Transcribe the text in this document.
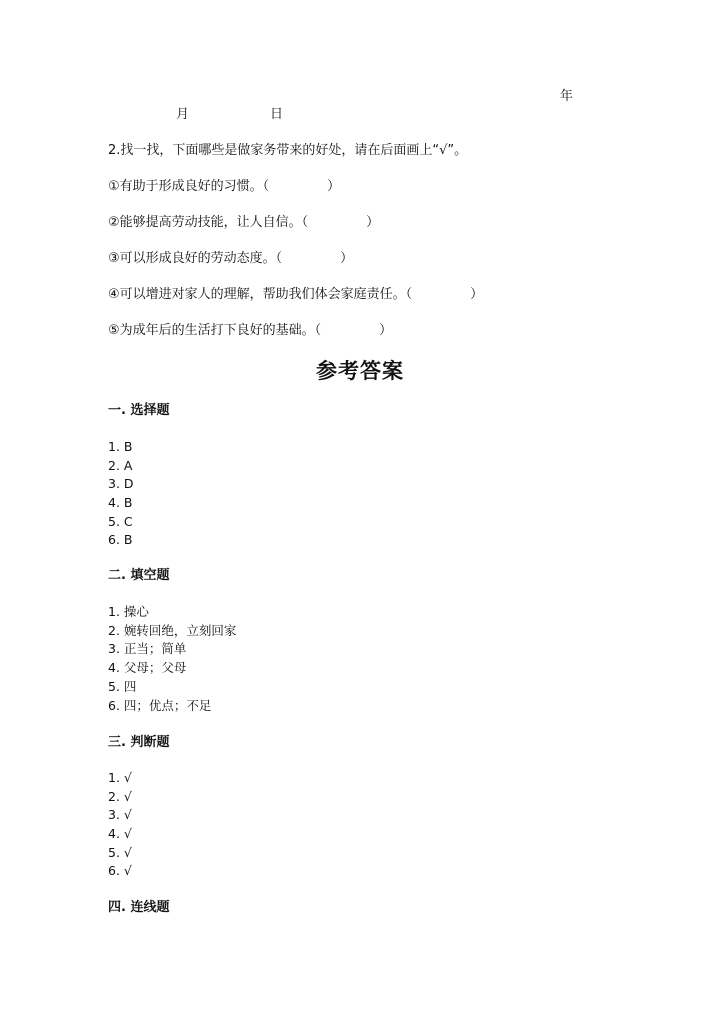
年
月	日
2.找一找，下面哪些是做家务带来的好处，请在后面画上“√”。
①有助于形成良好的习惯。（	）
②能够提高劳动技能，让人自信。（	）
③可以形成良好的劳动态度。（	）
④可以增进对家人的理解，帮助我们体会家庭责任。（	）
⑤为成年后的生活打下良好的基础。（	）
参考答案
一. 选择题
1. B
2. A
3. D
4. B
5. C
6. B
二. 填空题
1. 操心
2. 婉转回绝，立刻回家
3. 正当；简单
4. 父母；父母
5. 四
6. 四；优点；不足
三. 判断题
1. √
2. √
3. √
4. √
5. √
6. √
四. 连线题
